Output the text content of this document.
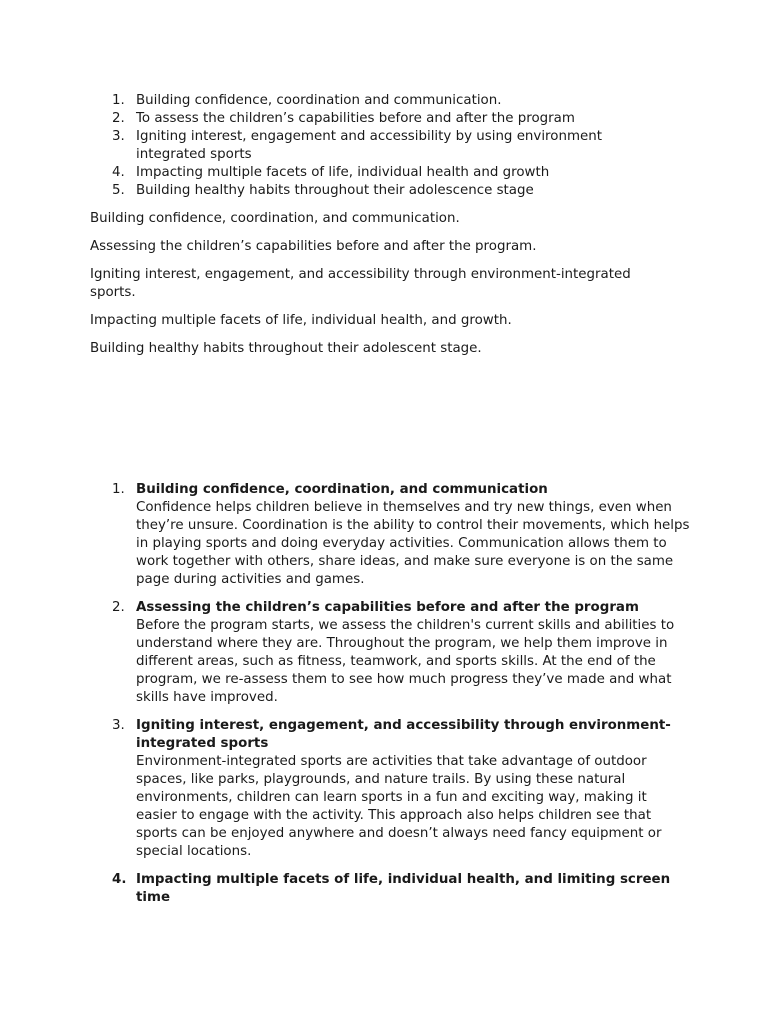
1. Building confidence, coordination and communication.
2. To assess the children’s capabilities before and after the program
3. Igniting interest, engagement and accessibility by using environment integrated sports
4. Impacting multiple facets of life, individual health and growth
5. Building healthy habits throughout their adolescence stage

Building confidence, coordination, and communication.

Assessing the children’s capabilities before and after the program.

Igniting interest, engagement, and accessibility through environment-integrated sports.

Impacting multiple facets of life, individual health, and growth.

Building healthy habits throughout their adolescent stage.

1. Building confidence, coordination, and communication
Confidence helps children believe in themselves and try new things, even when they’re unsure. Coordination is the ability to control their movements, which helps in playing sports and doing everyday activities. Communication allows them to work together with others, share ideas, and make sure everyone is on the same page during activities and games.
2. Assessing the children’s capabilities before and after the program
Before the program starts, we assess the children's current skills and abilities to understand where they are. Throughout the program, we help them improve in different areas, such as fitness, teamwork, and sports skills. At the end of the program, we re-assess them to see how much progress they’ve made and what skills have improved.
3. Igniting interest, engagement, and accessibility through environment-integrated sports
Environment-integrated sports are activities that take advantage of outdoor spaces, like parks, playgrounds, and nature trails. By using these natural environments, children can learn sports in a fun and exciting way, making it easier to engage with the activity. This approach also helps children see that sports can be enjoyed anywhere and doesn’t always need fancy equipment or special locations.
4. Impacting multiple facets of life, individual health, and limiting screen time
